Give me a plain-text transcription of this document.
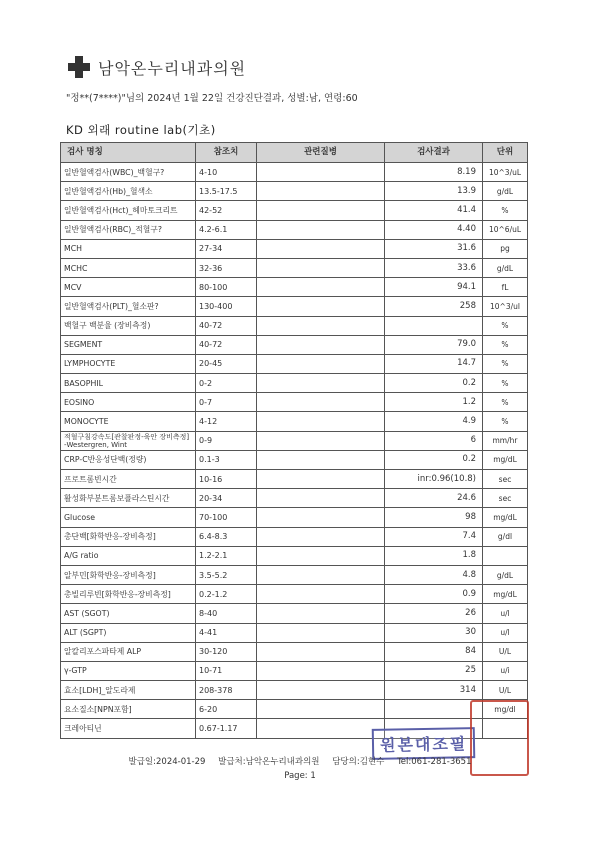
남악온누리내과의원
"정**(7****)"님의 2024년 1월 22일 건강진단결과, 성별:남, 연령:60
KD 외래 routine lab(기초)
검사 명칭	참조치	관련질병	검사결과	단위
일반혈액검사(WBC)_백혈구?	4-10		8.19	10^3/uL
일반혈액검사(Hb)_혈색소	13.5-17.5		13.9	g/dL
일반혈액검사(Hct)_헤마토크리트	42-52		41.4	%
일반혈액검사(RBC)_적혈구?	4.2-6.1		4.40	10^6/uL
MCH	27-34		31.6	pg
MCHC	32-36		33.6	g/dL
MCV	80-100		94.1	fL
일반혈액검사(PLT)_혈소판?	130-400		258	10^3/ul
백혈구 백분율 (장비측정)	40-72			%
SEGMENT	40-72		79.0	%
LYMPHOCYTE	20-45		14.7	%
BASOPHIL	0-2		0.2	%
EOSINO	0-7		1.2	%
MONOCYTE	4-12		4.9	%
적혈구침강속도[관찰판정-육안 장비측정] -Westergren, Wint	0-9		6	mm/hr
CRP-C반응성단백(정량)	0.1-3		0.2	mg/dL
프로트롬빈시간	10-16		inr:0.96(10.8)	sec
활성화부분트롬보플라스틴시간	20-34		24.6	sec
Glucose	70-100		98	mg/dL
총단백[화학반응-장비측정]	6.4-8.3		7.4	g/dl
A/G ratio	1.2-2.1		1.8	
알부민[화학반응-장비측정]	3.5-5.2		4.8	g/dL
총빌리루빈[화학반응-장비측정]	0.2-1.2		0.9	mg/dL
AST (SGOT)	8-40		26	u/l
ALT (SGPT)	4-41		30	u/l
알칼리포스파타제 ALP	30-120		84	U/L
γ-GTP	10-71		25	u/i
효소[LDH]_알도라제	208-378		314	U/L
요소질소[NPN포함]	6-20			mg/dl
크레아티닌	0.67-1.17			
원본대조필
발급일:2024-01-29 발급처:남악온누리내과의원 담당의:김현수 Tel:061-281-3651
Page: 1
